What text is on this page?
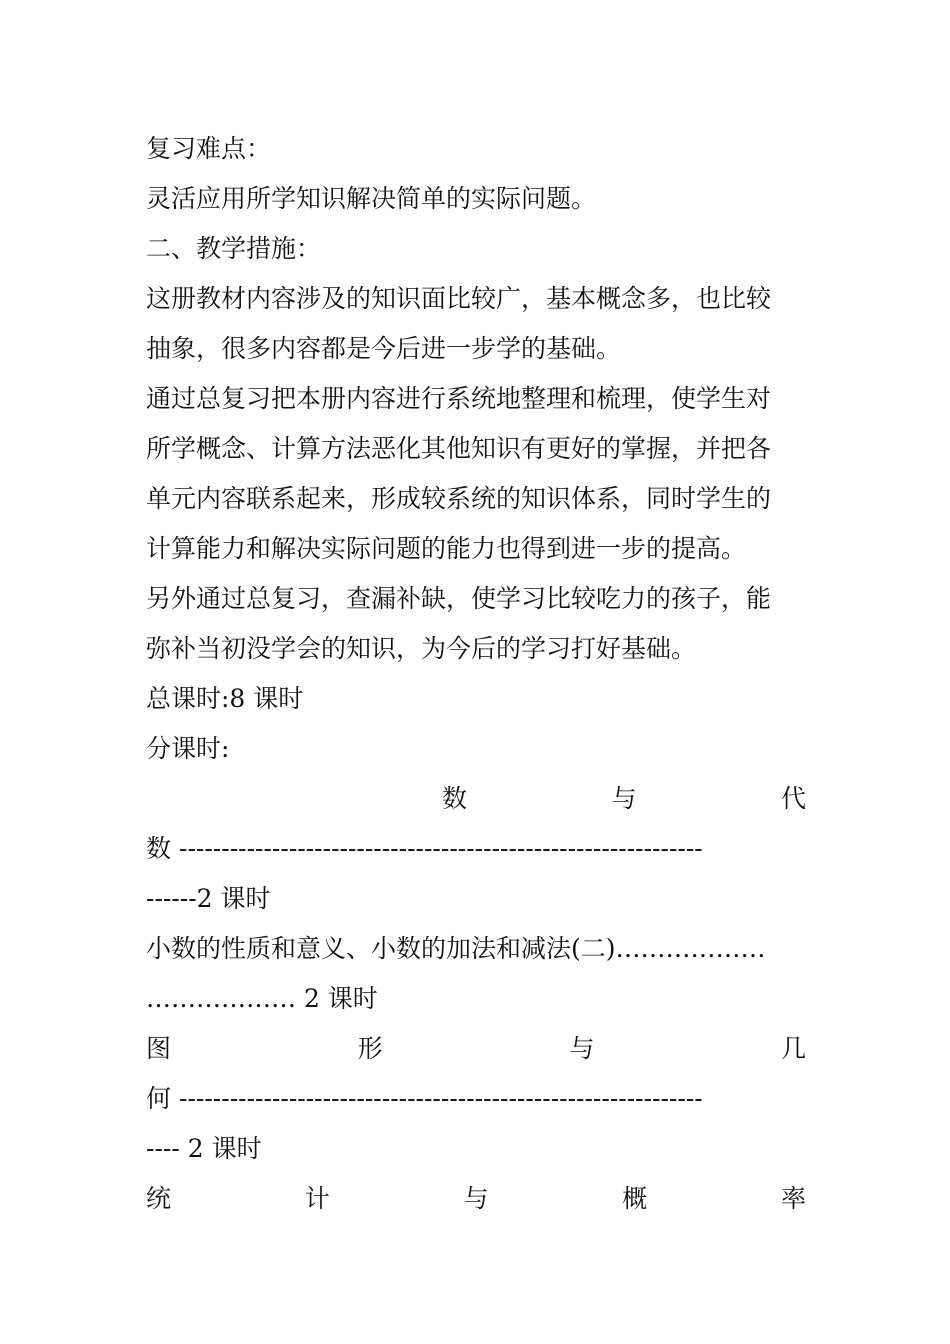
复习难点：
灵活应用所学知识解决简单的实际问题。
二、教学措施：
这册教材内容涉及的知识面比较广，基本概念多，也比较
抽象，很多内容都是今后进一步学的基础。
通过总复习把本册内容进行系统地整理和梳理，使学生对
所学概念、计算方法恶化其他知识有更好的掌握，并把各
单元内容联系起来，形成较系统的知识体系，同时学生的
计算能力和解决实际问题的能力也得到进一步的提高。
另外通过总复习，查漏补缺，使学习比较吃力的孩子，能
弥补当初没学会的知识，为今后的学习打好基础。
总课时:8 课时
分课时:
数	与	代
数 --------------------------------------------------------------
------2 课时
小数的性质和意义、小数的加法和减法(二)………………
……………… 2 课时
图	形	与	几
何 --------------------------------------------------------------
---- 2 课时
统	计	与	概	率
